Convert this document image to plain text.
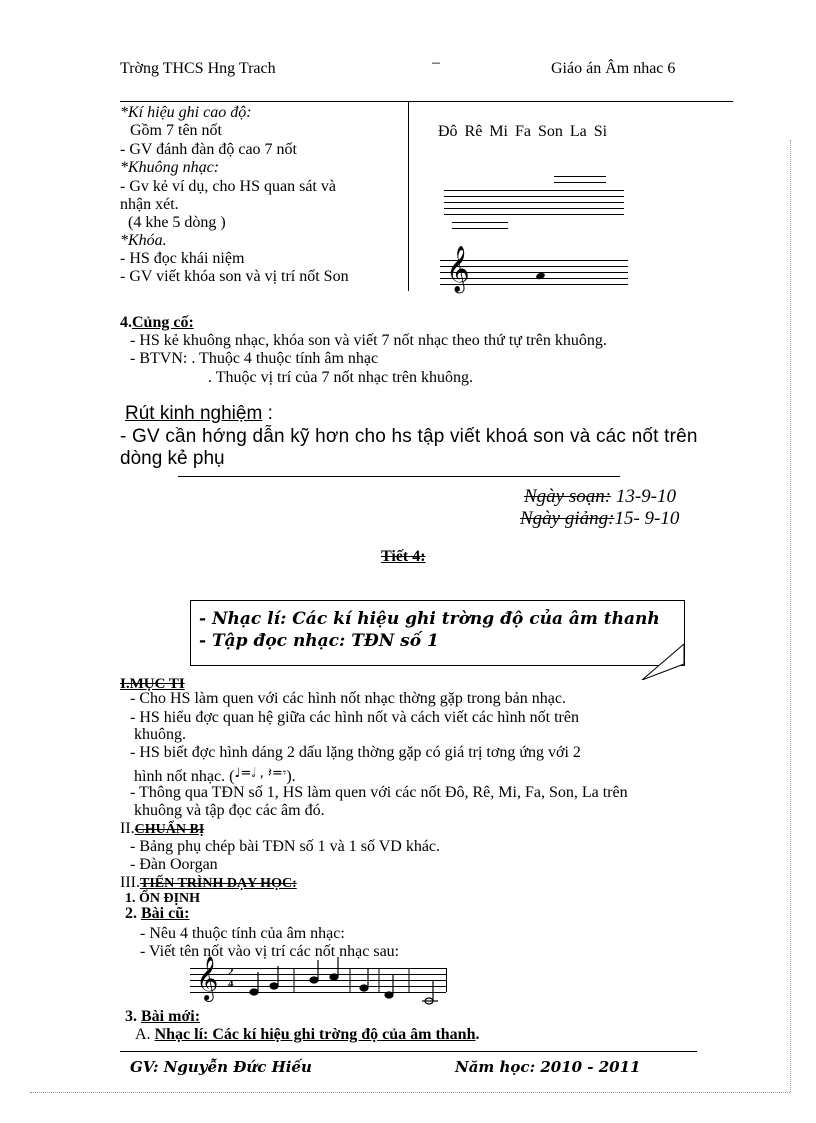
Trờng THCS Hng Trach	–	Giáo án Âm nhac 6
*Kí hiệu ghi cao độ:
Gồm 7 tên nốt
- GV đánh đàn độ cao 7 nốt
*Khuông nhạc:
- Gv kẻ ví dụ, cho HS quan sát và
nhận xét.
(4 khe 5 dòng )
*Khóa.
- HS đọc khái niệm
- GV viết khóa son và vị trí nốt Son
Đô Rê Mi Fa Son La Si
𝄞
4.Củng cố:
- HS kẻ khuông nhạc, khóa son và viết 7 nốt nhạc theo thứ tự trên khuông.
- BTVN: . Thuộc 4 thuộc tính âm nhạc
. Thuộc vị trí của 7 nốt nhạc trên khuông.
Rút kinh nghiệm :
- GV cần hớng dẫn kỹ hơn cho hs tập viết khoá son và các nốt trên
dòng kẻ phụ
Ngày soạn: 13-9-10
Ngày giảng:15- 9-10
Tiết 4:
- Nhạc lí: Các kí hiệu ghi trờng độ của âm thanh
- Tập đọc nhạc: TĐN số 1
I.MỤC TI
- Cho HS làm quen với các hình nốt nhạc thờng gặp trong bản nhạc.
- HS hiểu đợc quan hệ giữa các hình nốt và cách viết các hình nốt trên
khuông.
- HS biết đợc hình dáng 2 dấu lặng thờng gặp có giá trị tơng ứng với 2
hình nốt nhạc. (♩=𝅗𝅥 , 𝄽=𝄾).
- Thông qua TĐN số 1, HS làm quen với các nốt Đô, Rê, Mi, Fa, Son, La trên
khuông và tập đọc các âm đó.
II.CHUẨN BỊ
- Bảng phụ chép bài TĐN số 1 và 1 số VD khác.
- Đàn Oorgan
III.TIẾN TRÌNH DẠY HỌC:
1. ỔN ĐỊNH
2. Bài cũ:
- Nêu 4 thuộc tính của âm nhạc:
- Viết tên nốt vào vị trí các nốt nhạc sau:
𝄞 2
4
3. Bài mới:
A. Nhạc lí: Các kí hiệu ghi trờng độ của âm thanh.
GV: Nguyễn Đức Hiếu	Năm học: 2010 - 2011
